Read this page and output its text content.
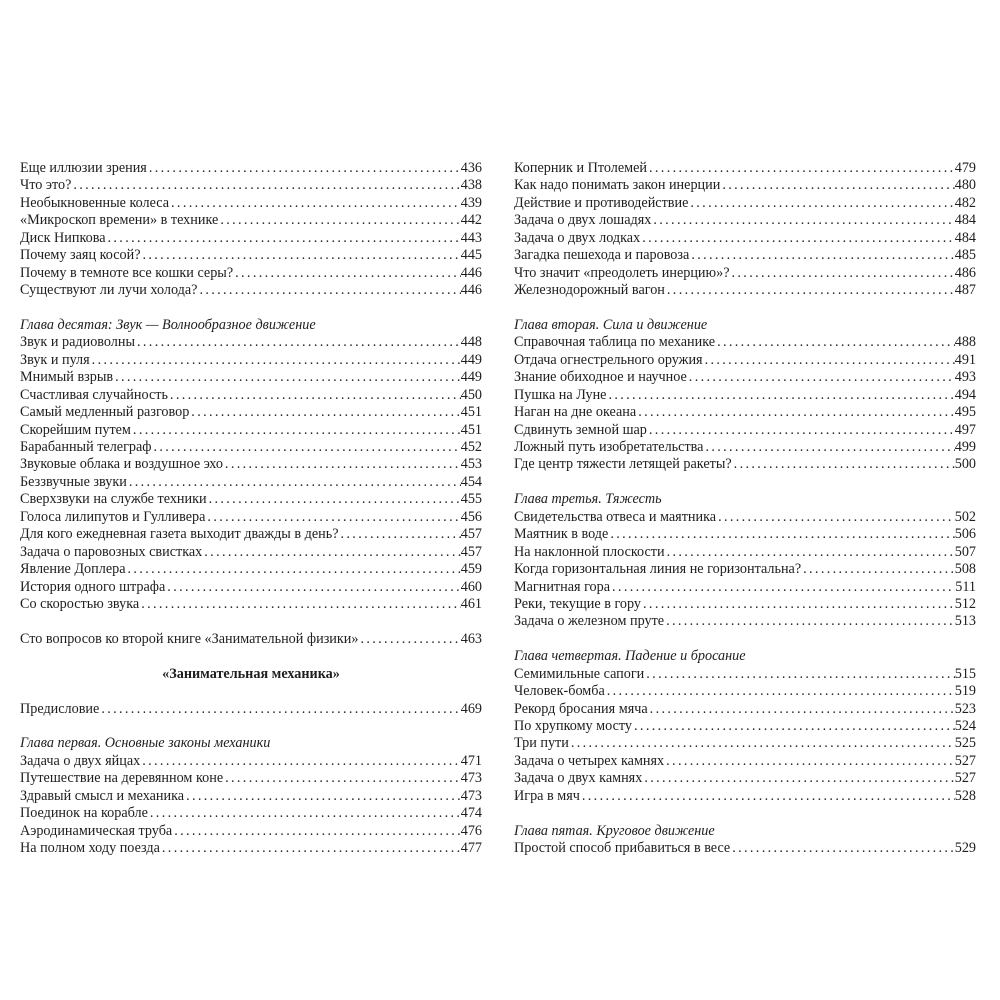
Еще иллюзии зрения . . .	436
Что это? . . .	438
Необыкновенные колеса . . .	439
«Микроскоп времени» в технике . . .	442
Диск Нипкова . . .	443
Почему заяц косой? . . .	445
Почему в темноте все кошки серы? . . .	446
Существуют ли лучи холода? . . .	446
Глава десятая: Звук — Волнообразное движение
Звук и радиоволны . . .	448
Звук и пуля . . .	449
Мнимый взрыв . . .	449
Счастливая случайность . . .	450
Самый медленный разговор . . .	451
Скорейшим путем . . .	451
Барабанный телеграф . . .	452
Звуковые облака и воздушное эхо . . .	453
Беззвучные звуки . . .	454
Сверхзвуки на службе техники . . .	455
Голоса лилипутов и Гулливера . . .	456
Для кого ежедневная газета выходит дважды в день? . . .	457
Задача о паровозных свистках . . .	457
Явление Доплера . . .	459
История одного штрафа . . .	460
Со скоростью звука . . .	461
Сто вопросов ко второй книге «Занимательной физики» . . .	463
«Занимательная механика»
Предисловие . . .	469
Глава первая. Основные законы механики
Задача о двух яйцах . . .	471
Путешествие на деревянном коне . . .	473
Здравый смысл и механика . . .	473
Поединок на корабле . . .	474
Аэродинамическая труба . . .	476
На полном ходу поезда . . .	477
Коперник и Птолемей . . .	479
Как надо понимать закон инерции . . .	480
Действие и противодействие . . .	482
Задача о двух лошадях . . .	484
Задача о двух лодках . . .	484
Загадка пешехода и паровоза . . .	485
Что значит «преодолеть инерцию»? . . .	486
Железнодорожный вагон . . .	487
Глава вторая. Сила и движение
Справочная таблица по механике . . .	488
Отдача огнестрельного оружия . . .	491
Знание обиходное и научное . . .	493
Пушка на Луне . . .	494
Наган на дне океана . . .	495
Сдвинуть земной шар . . .	497
Ложный путь изобретательства . . .	499
Где центр тяжести летящей ракеты? . . .	500
Глава третья. Тяжесть
Свидетельства отвеса и маятника . . .	502
Маятник в воде . . .	506
На наклонной плоскости . . .	507
Когда горизонтальная линия не горизонтальна? . . .	508
Магнитная гора . . .	511
Реки, текущие в гору . . .	512
Задача о железном пруте . . .	513
Глава четвертая. Падение и бросание
Семимильные сапоги . . .	515
Человек-бомба . . .	519
Рекорд бросания мяча . . .	523
По хрупкому мосту . . .	524
Три пути . . .	525
Задача о четырех камнях . . .	527
Задача о двух камнях . . .	527
Игра в мяч . . .	528
Глава пятая. Круговое движение
Простой способ прибавиться в весе . . .	529
